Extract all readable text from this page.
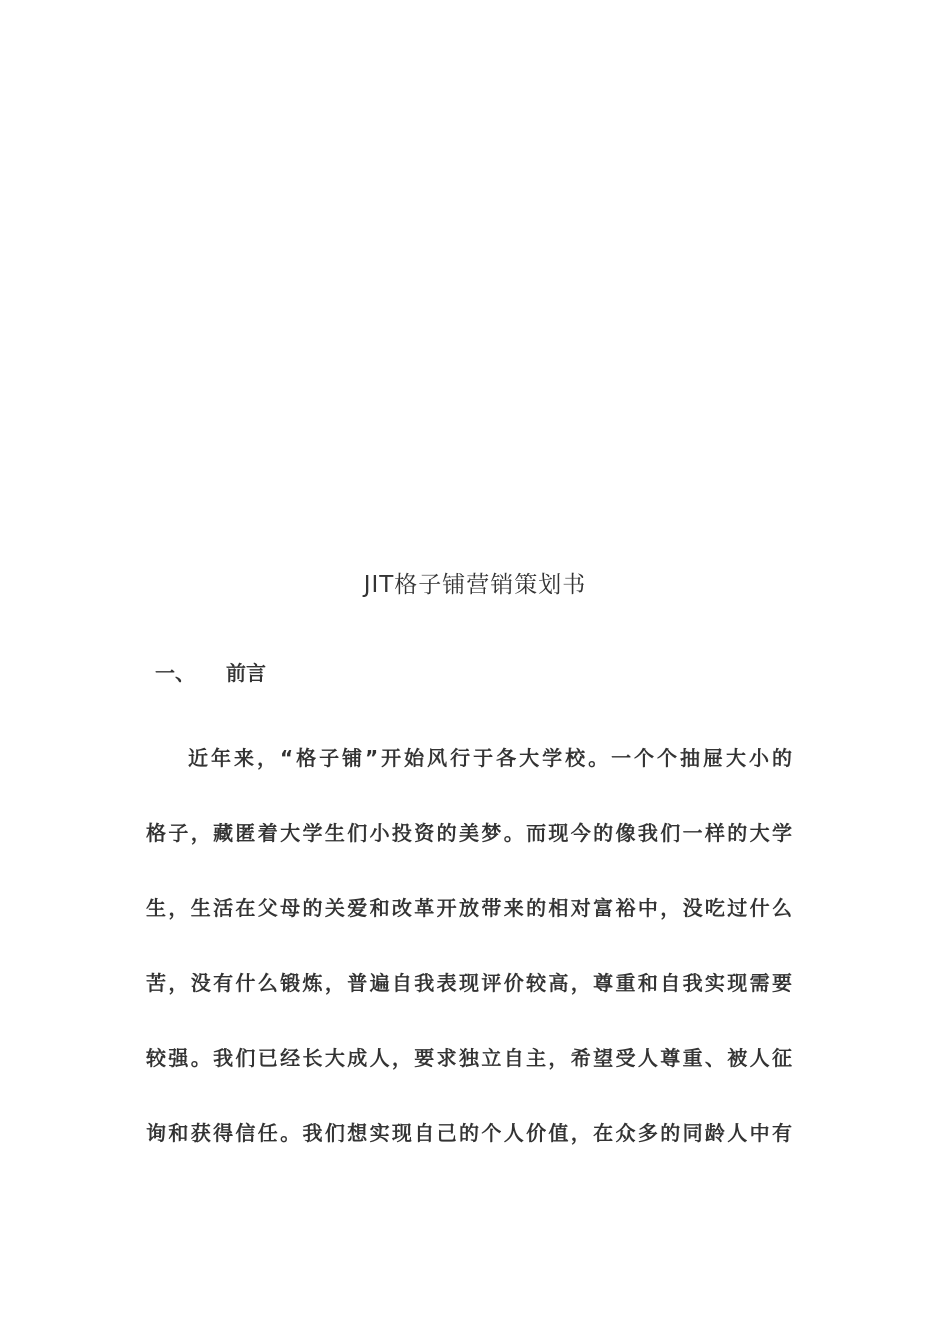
JIT格子铺营销策划书
一、 前言
近年来，“格子铺”开始风行于各大学校。一个个抽屉大小的
格子，藏匿着大学生们小投资的美梦。而现今的像我们一样的大学
生，生活在父母的关爱和改革开放带来的相对富裕中，没吃过什么
苦，没有什么锻炼，普遍自我表现评价较高，尊重和自我实现需要
较强。我们已经长大成人，要求独立自主，希望受人尊重、被人征
询和获得信任。我们想实现自己的个人价值，在众多的同龄人中有
